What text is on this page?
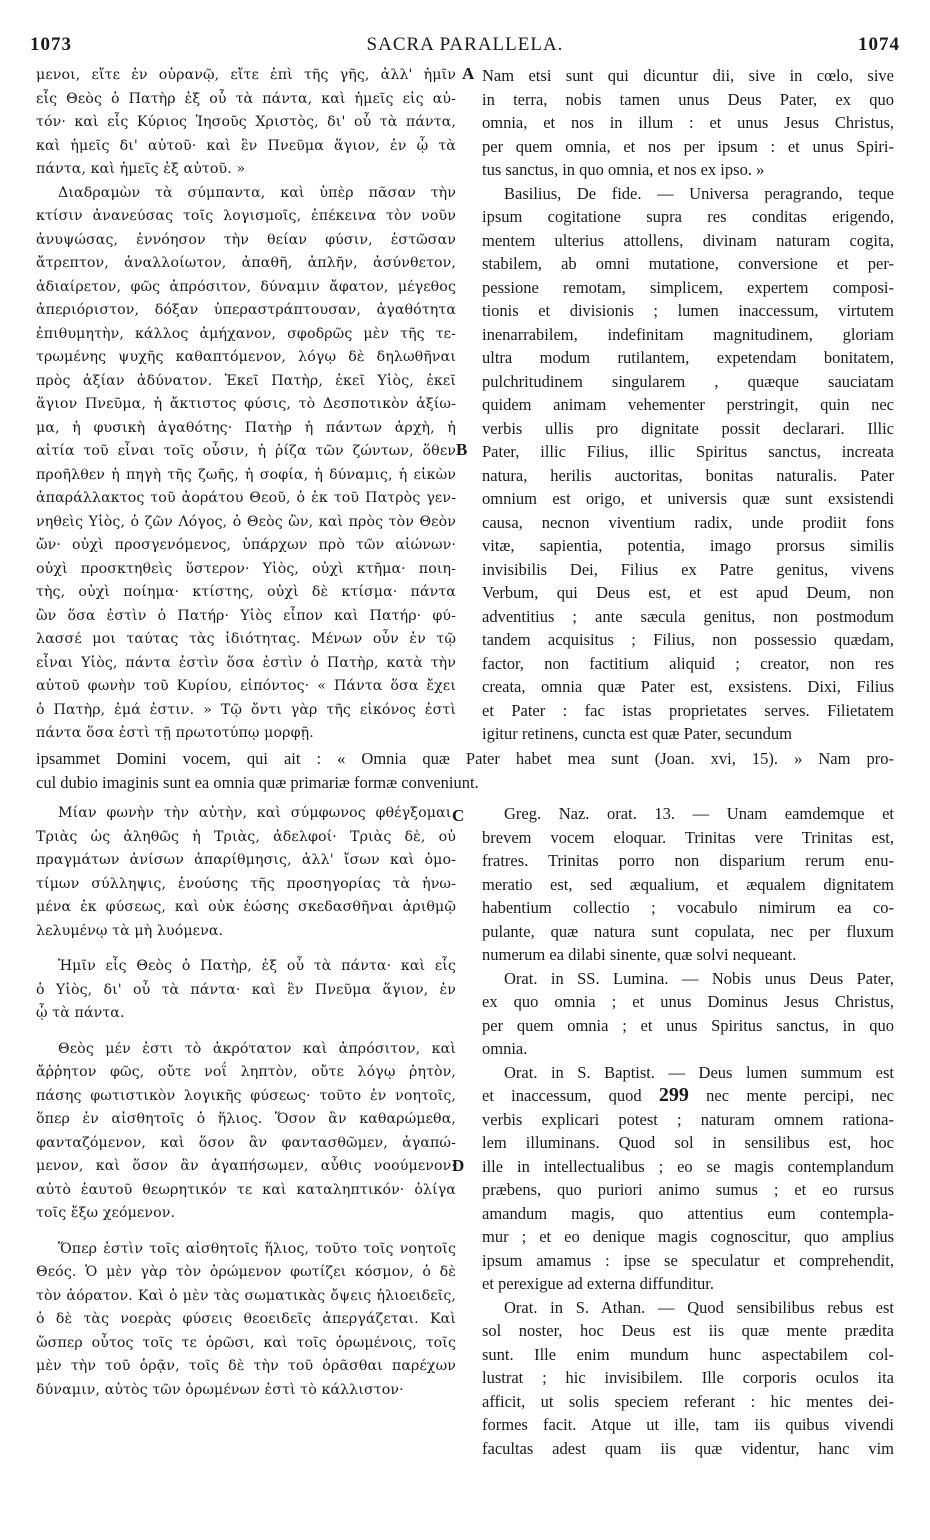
1073	SACRA PARALLELA.	1074
μενοι, εἴτε ἐν οὐρανῷ, εἴτε ἐπὶ τῆς γῆς, ἀλλ' ἡμῖν
εἷς Θεὸς ὁ Πατὴρ ἐξ οὗ τὰ πάντα, καὶ ἡμεῖς εἰς αὐ-
τόν· καὶ εἷς Κύριος Ἰησοῦς Χριστὸς, δι' οὗ τὰ πάντα,
καὶ ἡμεῖς δι' αὐτοῦ· καὶ ἓν Πνεῦμα ἅγιον, ἐν ᾧ τὰ
πάντα, καὶ ἡμεῖς ἐξ αὐτοῦ. »
Διαδραμὼν τὰ σύμπαντα, καὶ ὑπὲρ πᾶσαν τὴν
κτίσιν ἀνανεύσας τοῖς λογισμοῖς, ἐπέκεινα τὸν νοῦν
ἀνυψώσας, ἐννόησον τὴν θείαν φύσιν, ἑστῶσαν
ἄτρεπτον, ἀναλλοίωτον, ἀπαθῆ, ἁπλῆν, ἀσύνθετον,
ἀδιαίρετον, φῶς ἀπρόσιτον, δύναμιν ἄφατον, μέγεθος
ἀπεριόριστον, δόξαν ὑπεραστράπτουσαν, ἀγαθότητα
ἐπιθυμητὴν, κάλλος ἀμήχανον, σφοδρῶς μὲν τῆς τε-
τρωμένης ψυχῆς καθαπτόμενον, λόγῳ δὲ δηλωθῆναι
πρὸς ἀξίαν ἀδύνατον. Ἐκεῖ Πατὴρ, ἐκεῖ Υἱὸς, ἐκεῖ
ἅγιον Πνεῦμα, ἡ ἄκτιστος φύσις, τὸ Δεσποτικὸν ἀξίω-
μα, ἡ φυσικὴ ἀγαθότης· Πατὴρ ἡ πάντων ἀρχὴ, ἡ
αἰτία τοῦ εἶναι τοῖς οὖσιν, ἡ ῥίζα τῶν ζώντων, ὅθεν
προῆλθεν ἡ πηγὴ τῆς ζωῆς, ἡ σοφία, ἡ δύναμις, ἡ εἰκὼν
ἀπαράλλακτος τοῦ ἀοράτου Θεοῦ, ὁ ἐκ τοῦ Πατρὸς γεν-
νηθεὶς Υἱὸς, ὁ ζῶν Λόγος, ὁ Θεὸς ὢν, καὶ πρὸς τὸν Θεὸν
ὤν· οὐχὶ προσγενόμενος, ὑπάρχων πρὸ τῶν αἰώνων·
οὐχὶ προσκτηθεὶς ὕστερον· Υἱὸς, οὐχὶ κτῆμα· ποιη-
τὴς, οὐχὶ ποίημα· κτίστης, οὐχὶ δὲ κτίσμα· πάντα
ὢν ὅσα ἐστὶν ὁ Πατήρ· Υἱὸς εἶπον καὶ Πατήρ· φύ-
λασσέ μοι ταύτας τὰς ἰδιότητας. Μένων οὖν ἐν τῷ
εἶναι Υἱὸς, πάντα ἐστὶν ὅσα ἐστὶν ὁ Πατὴρ, κατὰ τὴν
αὐτοῦ φωνὴν τοῦ Κυρίου, εἰπόντος· « Πάντα ὅσα ἔχει
ὁ Πατὴρ, ἐμά ἐστιν. » Τῷ ὄντι γὰρ τῆς εἰκόνος ἐστὶ
πάντα ὅσα ἐστὶ τῇ πρωτοτύπῳ μορφῇ.
Nam etsi sunt qui dicuntur dii, sive in cœlo, sive
in terra, nobis tamen unus Deus Pater, ex quo
omnia, et nos in illum : et unus Jesus Christus,
per quem omnia, et nos per ipsum : et unus Spiri-
tus sanctus, in quo omnia, et nos ex ipso. »
Basilius, De fide. — Universa peragrando, teque
ipsum cogitatione supra res conditas erigendo,
mentem ulterius attollens, divinam naturam cogita,
stabilem, ab omni mutatione, conversione et per-
pessione remotam, simplicem, expertem composi-
tionis et divisionis ; lumen inaccessum, virtutem
inenarrabilem, indefinitam magnitudinem, gloriam
ultra modum rutilantem, expetendam bonitatem,
pulchritudinem singularem , quæque sauciatam
quidem animam vehementer perstringit, quin nec
verbis ullis pro dignitate possit declarari. Illic
Pater, illic Filius, illic Spiritus sanctus, increata
natura, herilis auctoritas, bonitas naturalis. Pater
omnium est origo, et universis quæ sunt exsistendi
causa, necnon viventium radix, unde prodiit fons
vitæ, sapientia, potentia, imago prorsus similis
invisibilis Dei, Filius ex Patre genitus, vivens
Verbum, qui Deus est, et est apud Deum, non
adventitius ; ante sæcula genitus, non postmodum
tandem acquisitus ; Filius, non possessio quædam,
factor, non factitium aliquid ; creator, non res
creata, omnia quæ Pater est, exsistens. Dixi, Filius
et Pater : fac istas proprietates serves. Filietatem
igitur retinens, cuncta est quæ Pater, secundum
A
B
ipsammet Domini vocem, qui ait : « Omnia quæ Pater habet mea sunt (Joan. xvi, 15). » Nam pro-
cul dubio imaginis sunt ea omnia quæ primariæ formæ conveniunt.
Μίαν φωνὴν τὴν αὐτὴν, καὶ σύμφωνος φθέγξομαι.
Τριὰς ὡς ἀληθῶς ἡ Τριὰς, ἀδελφοί· Τριὰς δὲ, οὐ
πραγμάτων ἀνίσων ἀπαρίθμησις, ἀλλ' ἴσων καὶ ὁμο-
τίμων σύλληψις, ἑνούσης τῆς προσηγορίας τὰ ἡνω-
μένα ἐκ φύσεως, καὶ οὐκ ἐώσης σκεδασθῆναι ἀριθμῷ
λελυμένῳ τὰ μὴ λυόμενα.
Ἡμῖν εἷς Θεὸς ὁ Πατὴρ, ἐξ οὗ τὰ πάντα· καὶ εἷς
ὁ Υἱὸς, δι' οὗ τὰ πάντα· καὶ ἓν Πνεῦμα ἅγιον, ἐν
ᾧ τὰ πάντα.
Θεὸς μέν ἐστι τὸ ἀκρότατον καὶ ἀπρόσιτον, καὶ
ἄῤῥητον φῶς, οὔτε νοΐ ληπτὸν, οὔτε λόγῳ ῥητὸν,
πάσης φωτιστικὸν λογικῆς φύσεως· τοῦτο ἐν νοητοῖς,
ὅπερ ἐν αἰσθητοῖς ὁ ἥλιος. Ὅσον ἂν καθαρώμεθα,
φανταζόμενον, καὶ ὅσον ἂν φαντασθῶμεν, ἀγαπώ-
μενον, καὶ ὅσον ἂν ἀγαπήσωμεν, αὖθις νοούμενον·
αὐτὸ ἑαυτοῦ θεωρητικόν τε καὶ καταληπτικόν· ὀλίγα
τοῖς ἔξω χεόμενον.
Ὅπερ ἐστὶν τοῖς αἰσθητοῖς ἥλιος, τοῦτο τοῖς νοητοῖς
Θεός. Ὁ μὲν γὰρ τὸν ὁρώμενον φωτίζει κόσμον, ὁ δὲ
τὸν ἀόρατον. Καὶ ὁ μὲν τὰς σωματικὰς ὄψεις ἡλιοειδεῖς,
ὁ δὲ τὰς νοερὰς φύσεις θεοειδεῖς ἀπεργάζεται. Καὶ
ὥσπερ οὗτος τοῖς τε ὁρῶσι, καὶ τοῖς ὁρωμένοις, τοῖς
μὲν τὴν τοῦ ὁρᾷν, τοῖς δὲ τὴν τοῦ ὁρᾶσθαι παρέχων
δύναμιν, αὐτὸς τῶν ὁρωμένων ἐστὶ τὸ κάλλιστον·
Greg. Naz. orat. 13. — Unam eamdemque et
brevem vocem eloquar. Trinitas vere Trinitas est,
fratres. Trinitas porro non disparium rerum enu-
meratio est, sed æqualium, et æqualem dignitatem
habentium collectio ; vocabulo nimirum ea co-
pulante, quæ natura sunt copulata, nec per fluxum
numerum ea dilabi sinente, quæ solvi nequeant.
Orat. in SS. Lumina. — Nobis unus Deus Pater,
ex quo omnia ; et unus Dominus Jesus Christus,
per quem omnia ; et unus Spiritus sanctus, in quo
omnia.
Orat. in S. Baptist. — Deus lumen summum est
et inaccessum, quod 299 nec mente percipi, nec
verbis explicari potest ; naturam omnem rationa-
lem illuminans. Quod sol in sensilibus est, hoc
ille in intellectualibus ; eo se magis contemplandum
præbens, quo puriori animo sumus ; et eo rursus
amandum magis, quo attentius eum contempla-
mur ; et eo denique magis cognoscitur, quo amplius
ipsum amamus : ipse se speculatur et comprehendit,
et perexigue ad externa diffunditur.
Orat. in S. Athan. — Quod sensibilibus rebus est
sol noster, hoc Deus est iis quæ mente prædita
sunt. Ille enim mundum hunc aspectabilem col-
lustrat ; hic invisibilem. Ille corporis oculos ita
afficit, ut solis speciem referant : hic mentes dei-
formes facit. Atque ut ille, tam iis quibus vivendi
facultas adest quam iis quæ videntur, hanc vim
C
D
